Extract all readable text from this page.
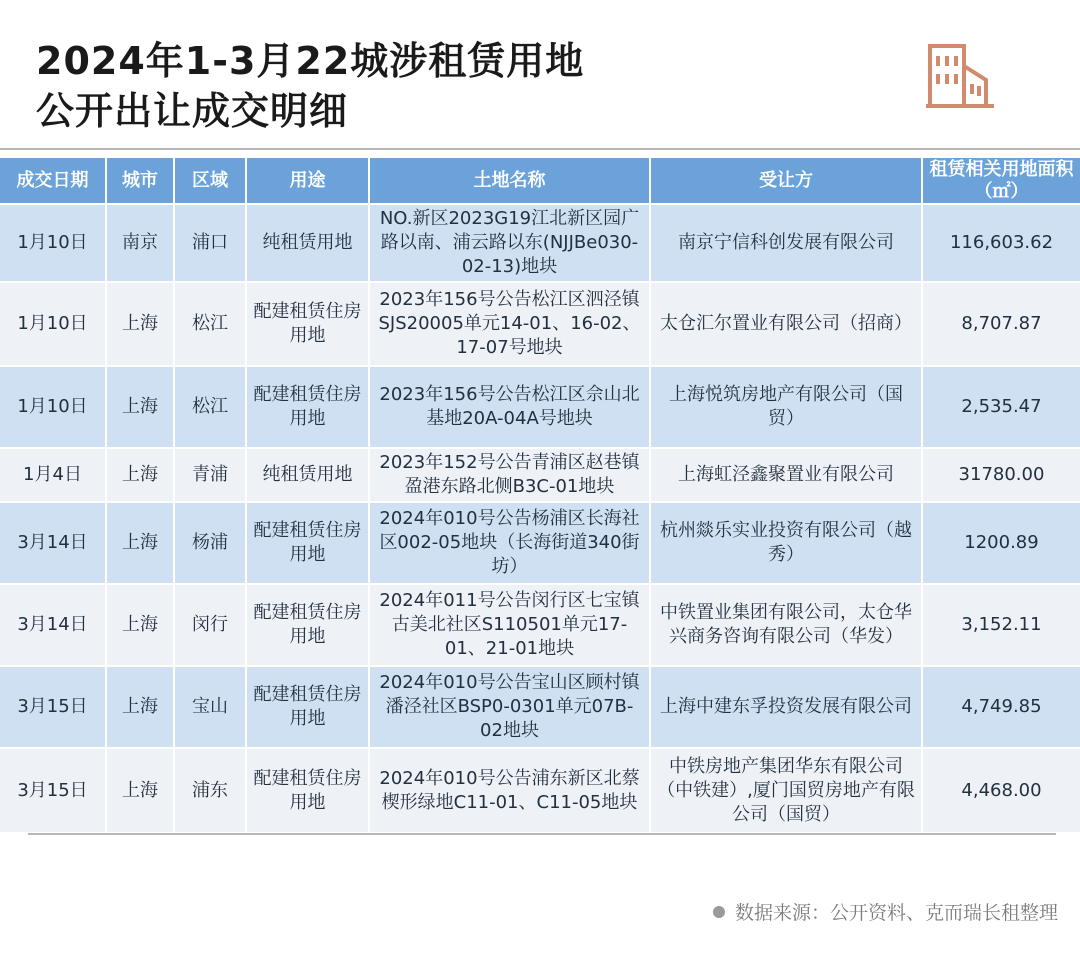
2024年1-3月22城涉租赁用地
公开出让成交明细
成交日期	城市	区域	用途	土地名称	受让方	租赁相关用地面积（㎡）
1月10日	南京	浦口	纯租赁用地	NO.新区2023G19江北新区园广路以南、浦云路以东(NJJBe030-02-13)地块	南京宁信科创发展有限公司	116,603.62
1月10日	上海	松江	配建租赁住房用地	2023年156号公告松江区泗泾镇SJS20005单元14-01、16-02、17-07号地块	太仓汇尔置业有限公司（招商）	8,707.87
1月10日	上海	松江	配建租赁住房用地	2023年156号公告松江区佘山北基地20A-04A号地块	上海悦筑房地产有限公司（国贸）	2,535.47
1月4日	上海	青浦	纯租赁用地	2023年152号公告青浦区赵巷镇盈港东路北侧B3C-01地块	上海虹泾鑫聚置业有限公司	31780.00
3月14日	上海	杨浦	配建租赁住房用地	2024年010号公告杨浦区长海社区002-05地块（长海街道340街坊）	杭州燚乐实业投资有限公司（越秀）	1200.89
3月14日	上海	闵行	配建租赁住房用地	2024年011号公告闵行区七宝镇古美北社区S110501单元17-01、21-01地块	中铁置业集团有限公司，太仓华兴商务咨询有限公司（华发）	3,152.11
3月15日	上海	宝山	配建租赁住房用地	2024年010号公告宝山区顾村镇潘泾社区BSP0-0301单元07B-02地块	上海中建东孚投资发展有限公司	4,749.85
3月15日	上海	浦东	配建租赁住房用地	2024年010号公告浦东新区北蔡楔形绿地C11-01、C11-05地块	中铁房地产集团华东有限公司（中铁建）,厦门国贸房地产有限公司（国贸）	4,468.00
数据来源：公开资料、克而瑞长租整理
